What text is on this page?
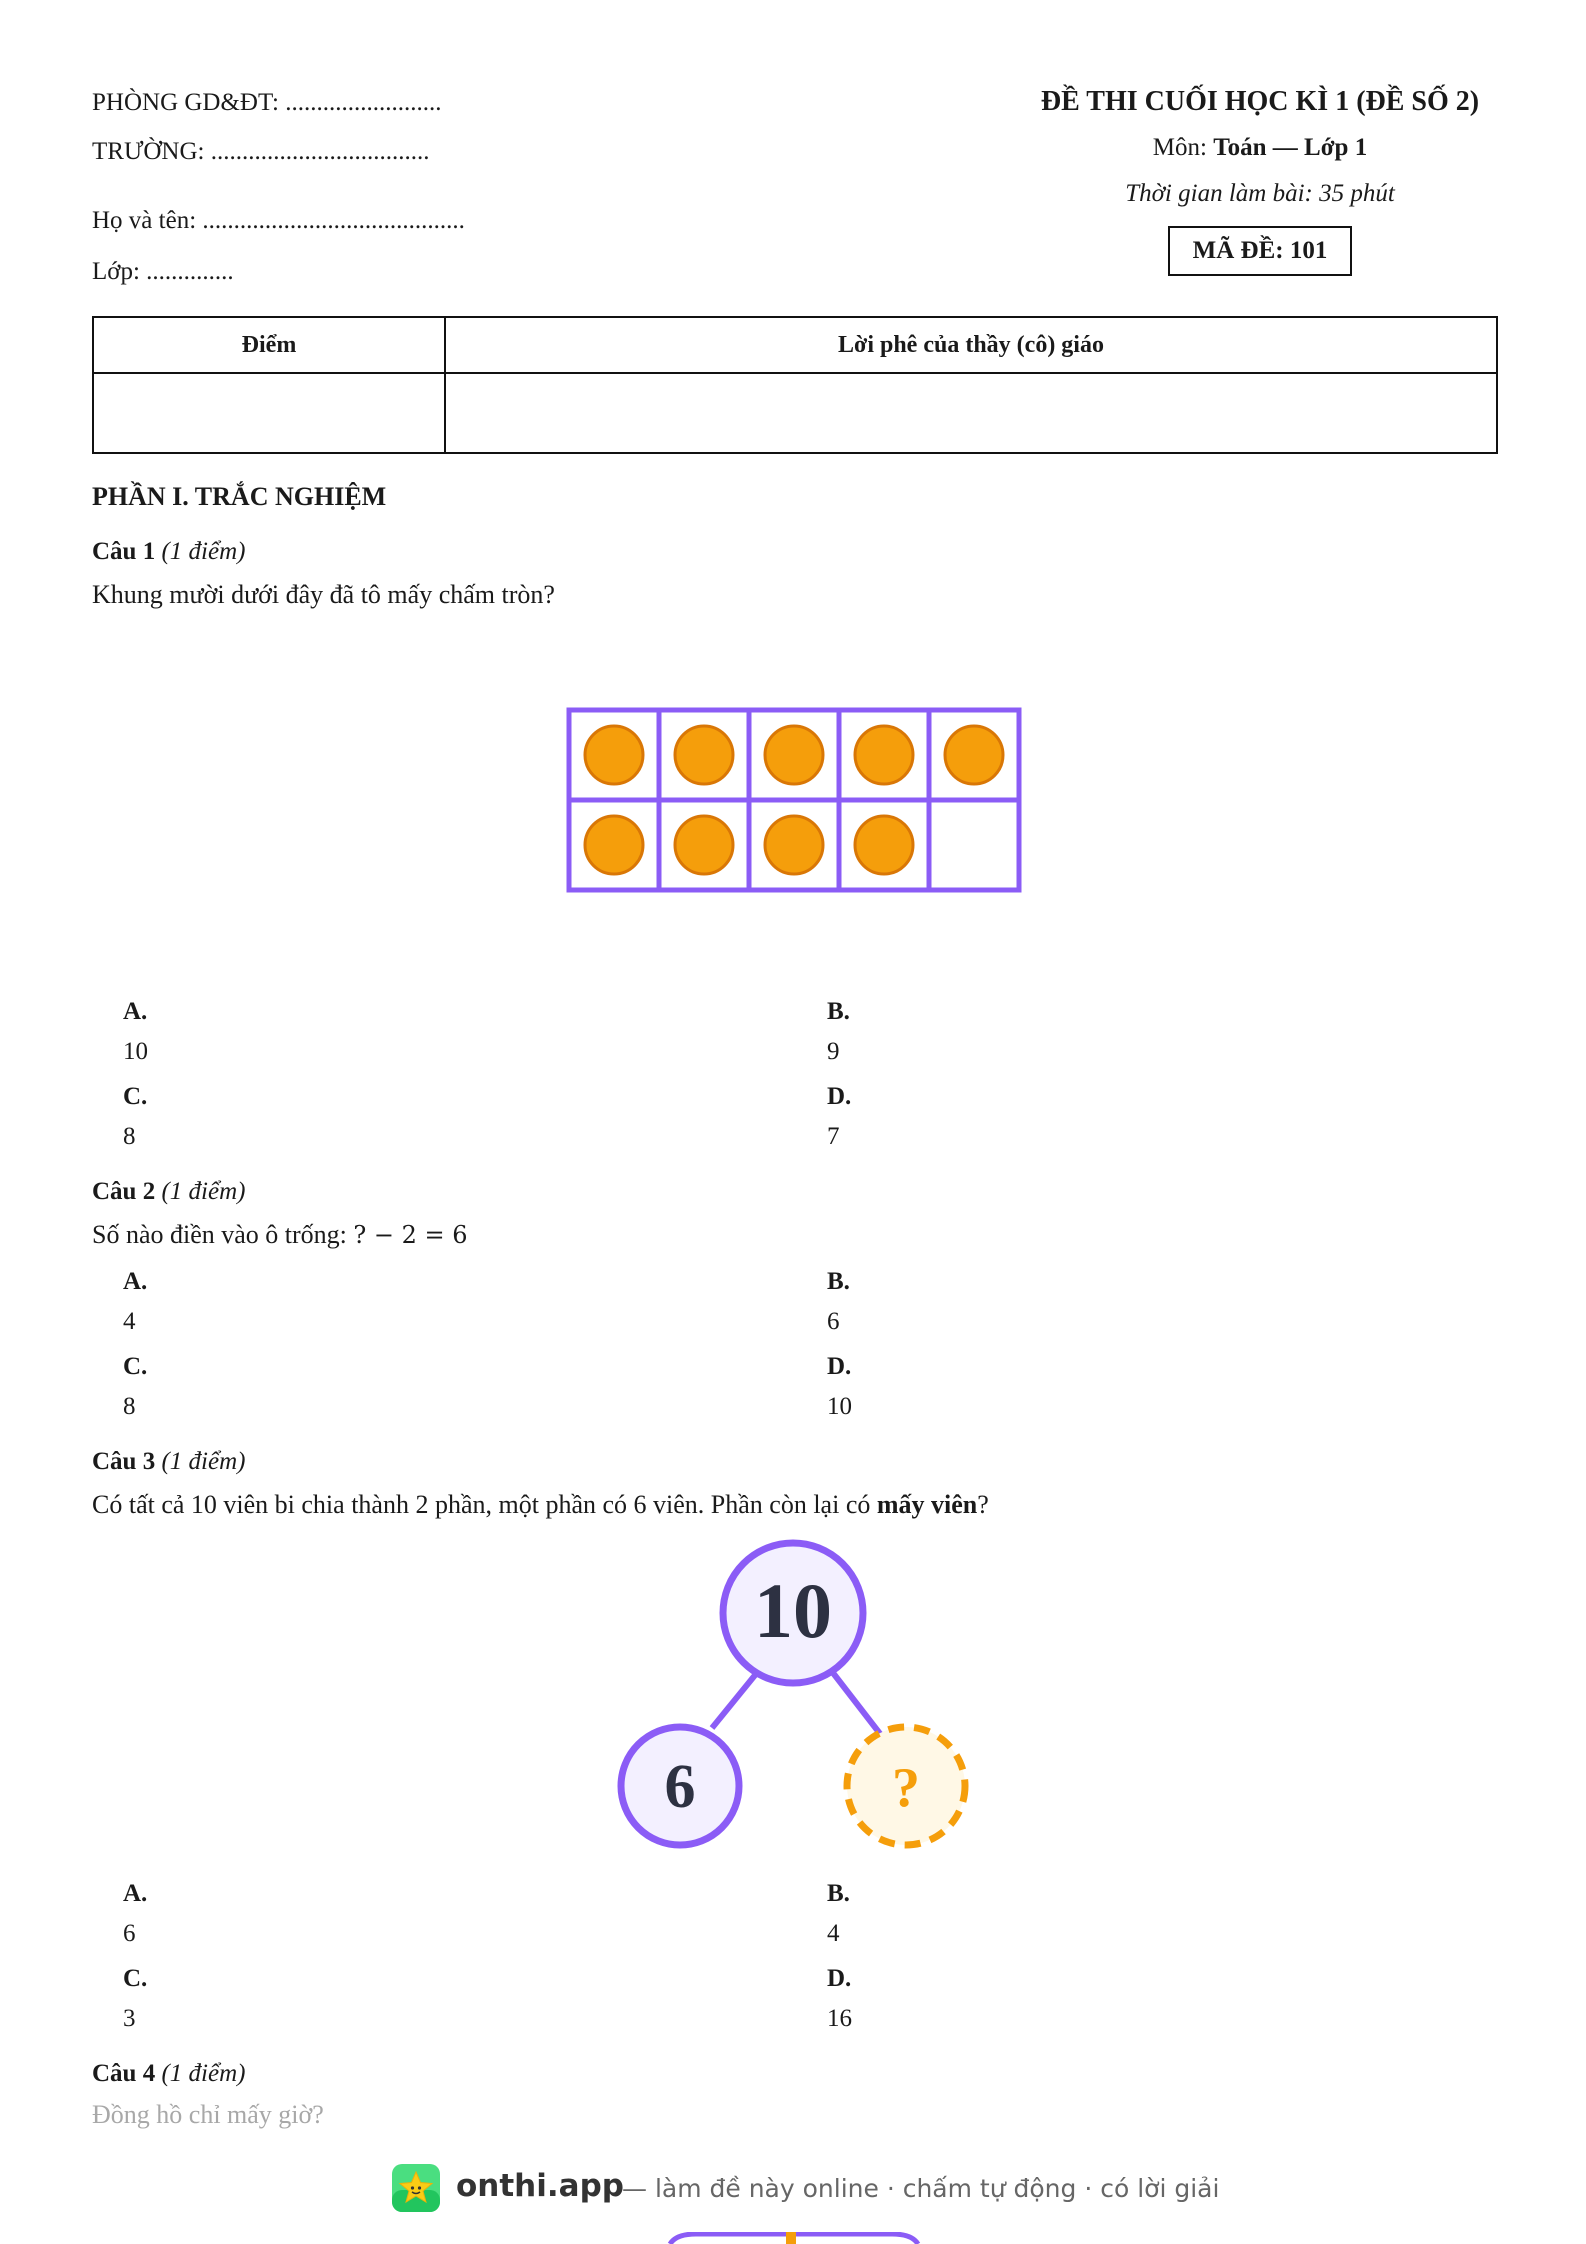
PHÒNG GD&ĐT: .........................
TRƯỜNG: ...................................
Họ và tên: ..........................................
Lớp: ..............
ĐỀ THI CUỐI HỌC KÌ 1 (ĐỀ SỐ 2)
Môn: Toán — Lớp 1
Thời gian làm bài: 35 phút
MÃ ĐỀ: 101
Điểm	Lời phê của thầy (cô) giáo

PHẦN I. TRẮC NGHIỆM
Câu 1 (1 điểm)
Khung mười dưới đây đã tô mấy chấm tròn?
A.
10
B.
9
C.
8
D.
7
Câu 2 (1 điểm)
Số nào điền vào ô trống: ? − 2 = 6
A.
4
B.
6
C.
8
D.
10
Câu 3 (1 điểm)
Có tất cả 10 viên bi chia thành 2 phần, một phần có 6 viên. Phần còn lại có mấy viên?
10
6	?
A.
6
B.
4
C.
3
D.
16
Câu 4 (1 điểm)
Đồng hồ chỉ mấy giờ?
onthi.app
— làm đề này online · chấm tự động · có lời giải
